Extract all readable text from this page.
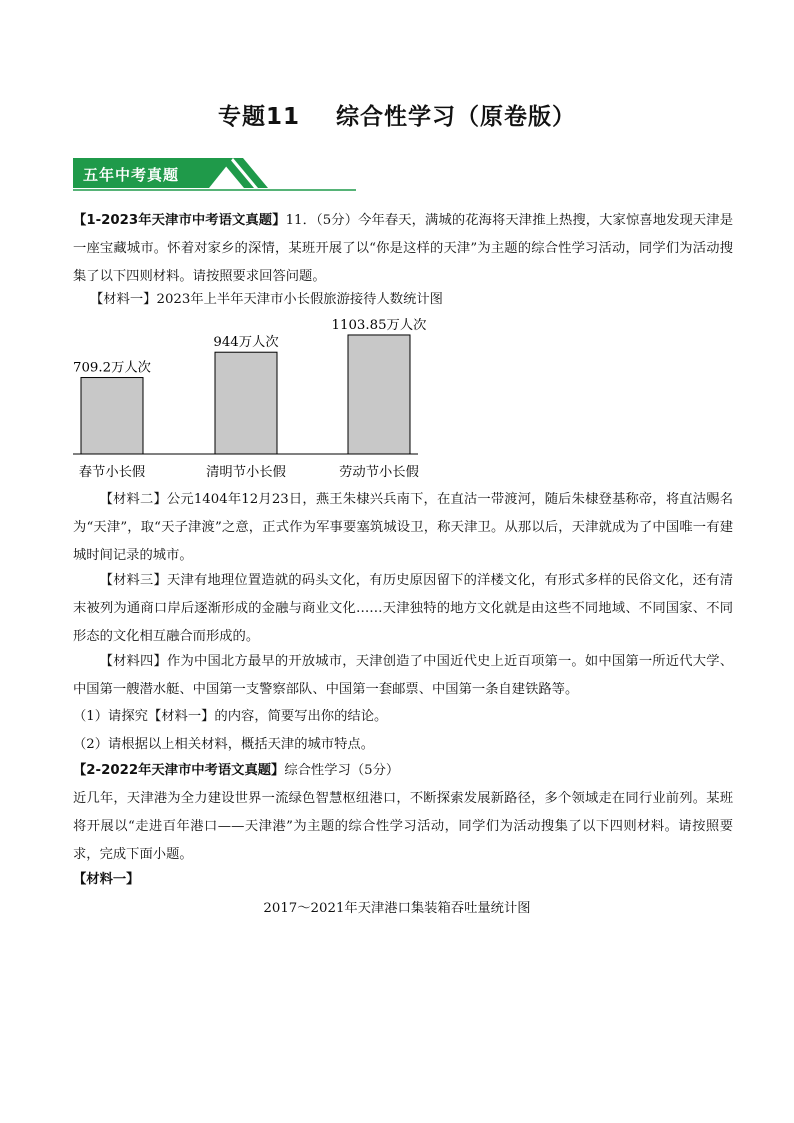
专题11    综合性学习（原卷版）
五年中考真题
【1-2023年天津市中考语文真题】11．（5分）今年春天，满城的花海将天津推上热搜，大家惊喜地发现天津是一座宝藏城市。怀着对家乡的深情，某班开展了以“你是这样的天津”为主题的综合性学习活动，同学们为活动搜集了以下四则材料。请按照要求回答问题。
【材料一】2023年上半年天津市小长假旅游接待人数统计图
709.2万人次
春节小长假
944万人次
清明节小长假
1103.85万人次
劳动节小长假
【材料二】公元1404年12月23日，燕王朱棣兴兵南下，在直沽一带渡河，随后朱棣登基称帝，将直沽赐名为“天津”，取“天子津渡”之意，正式作为军事要塞筑城设卫，称天津卫。从那以后，天津就成为了中国唯一有建城时间记录的城市。
【材料三】天津有地理位置造就的码头文化，有历史原因留下的洋楼文化，有形式多样的民俗文化，还有清末被列为通商口岸后逐渐形成的金融与商业文化……天津独特的地方文化就是由这些不同地域、不同国家、不同形态的文化相互融合而形成的。
【材料四】作为中国北方最早的开放城市，天津创造了中国近代史上近百项第一。如中国第一所近代大学、中国第一艘潜水艇、中国第一支警察部队、中国第一套邮票、中国第一条自建铁路等。
（1）请探究【材料一】的内容，简要写出你的结论。
（2）请根据以上相关材料，概括天津的城市特点。
【2-2022年天津市中考语文真题】综合性学习（5分）
近几年，天津港为全力建设世界一流绿色智慧枢纽港口，不断探索发展新路径，多个领域走在同行业前列。某班将开展以“走进百年港口——天津港”为主题的综合性学习活动，同学们为活动搜集了以下四则材料。请按照要求，完成下面小题。
【材料一】
2017～2021年天津港口集装箱吞吐量统计图
